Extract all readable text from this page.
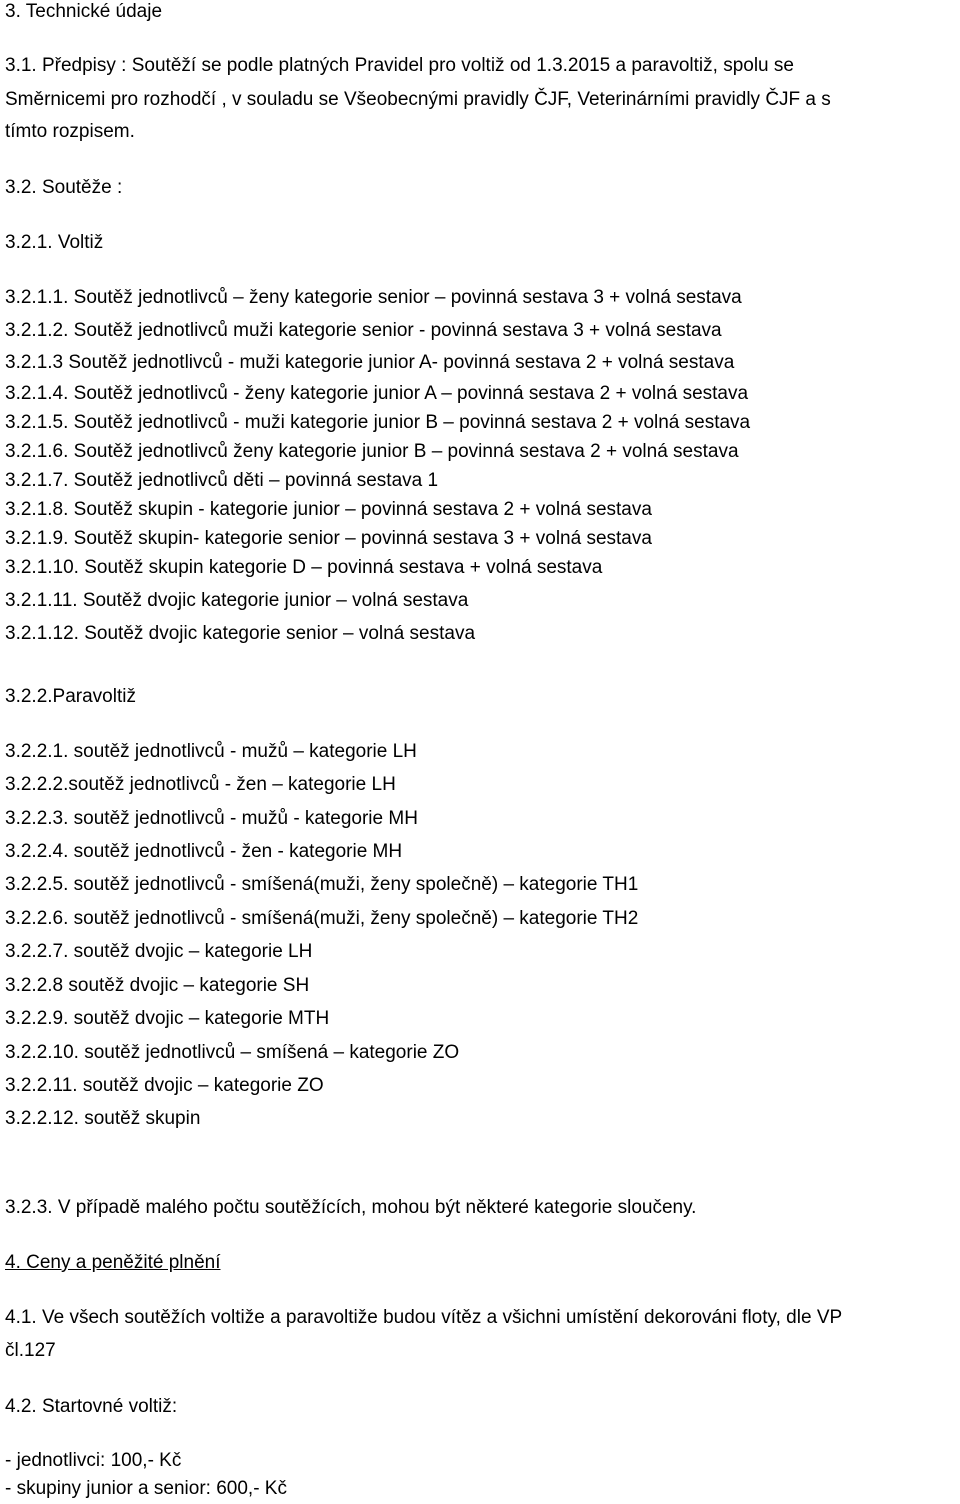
3. Technické údaje

3.1. Předpisy : Soutěží se podle platných Pravidel pro voltiž od 1.3.2015 a paravoltiž, spolu se

Směrnicemi pro rozhodčí , v souladu se Všeobecnými pravidly ČJF, Veterinárními pravidly ČJF a s

tímto rozpisem.

3.2. Soutěže :

3.2.1. Voltiž

3.2.1.1. Soutěž jednotlivců – ženy kategorie senior – povinná sestava 3 + volná sestava

3.2.1.2. Soutěž jednotlivců muži kategorie senior - povinná sestava 3 + volná sestava

3.2.1.3 Soutěž jednotlivců - muži kategorie junior A- povinná sestava 2 + volná sestava

3.2.1.4. Soutěž jednotlivců - ženy kategorie junior A – povinná sestava 2 + volná sestava

3.2.1.5. Soutěž jednotlivců - muži kategorie junior B – povinná sestava 2 + volná sestava

3.2.1.6. Soutěž jednotlivců ženy kategorie junior B – povinná sestava 2 + volná sestava

3.2.1.7. Soutěž jednotlivců děti – povinná sestava 1

3.2.1.8. Soutěž skupin - kategorie junior – povinná sestava 2 + volná sestava

3.2.1.9. Soutěž skupin- kategorie senior – povinná sestava 3 + volná sestava

3.2.1.10. Soutěž skupin kategorie D – povinná sestava + volná sestava

3.2.1.11. Soutěž dvojic kategorie junior – volná sestava

3.2.1.12. Soutěž dvojic kategorie senior – volná sestava

3.2.2.Paravoltiž

3.2.2.1. soutěž jednotlivců - mužů – kategorie LH

3.2.2.2.soutěž jednotlivců - žen – kategorie LH

3.2.2.3. soutěž jednotlivců - mužů - kategorie MH

3.2.2.4. soutěž jednotlivců - žen - kategorie MH

3.2.2.5. soutěž jednotlivců - smíšená(muži, ženy společně) – kategorie TH1

3.2.2.6. soutěž jednotlivců - smíšená(muži, ženy společně) – kategorie TH2

3.2.2.7. soutěž dvojic – kategorie LH

3.2.2.8 soutěž dvojic – kategorie SH

3.2.2.9. soutěž dvojic – kategorie MTH

3.2.2.10. soutěž jednotlivců – smíšená – kategorie ZO

3.2.2.11. soutěž dvojic – kategorie ZO

3.2.2.12. soutěž skupin

3.2.3. V případě malého počtu soutěžících, mohou být některé kategorie sloučeny.

4. Ceny a peněžité plnění

4.1. Ve všech soutěžích voltiže a paravoltiže budou vítěz a všichni umístění dekorováni floty, dle VP

čl.127

4.2. Startovné voltiž:

- jednotlivci: 100,- Kč

- skupiny junior a senior: 600,- Kč
